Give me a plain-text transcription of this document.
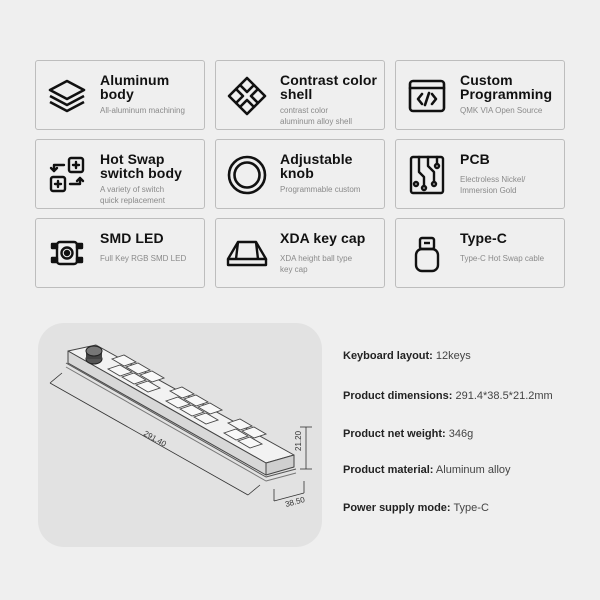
Aluminum
body
All-aluminum machining
Contrast color
shell
contrast color
aluminum alloy shell
Custom
Programming
QMK VIA Open Source
Hot Swap
switch body
A variety of switch
quick replacement
Adjustable
knob
Programmable custom
PCB
Electroless Nickel/
Immersion Gold
SMD LED
Full Key RGB SMD LED
XDA key cap
XDA height ball type
key cap
Type-C
Type-C Hot Swap cable
291.40	21.20
38.50
Keyboard layout: 12keys
Product dimensions: 291.4*38.5*21.2mm
Product net weight: 346g
Product material: Aluminum alloy
Power supply mode: Type-C
